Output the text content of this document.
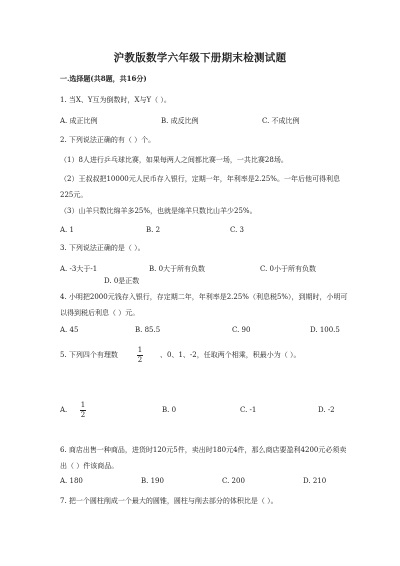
沪教版数学六年级下册期末检测试题
一.选择题(共8题，共16分)
1. 当X、Y互为倒数时，X与Y（ ）。
A. 成正比例	B. 成反比例	C. 不成比例
2. 下列说法正确的有（ ）个。
（1）8人进行乒乓球比赛，如果每两人之间都比赛一场，一共比赛28场。
（2）王叔叔把10000元人民币存入银行，定期一年，年利率是2.25%。一年后他可得利息225元。
（3）山羊只数比绵羊多25%，也就是绵羊只数比山羊少25%。
A. 1	B. 2	C. 3
3. 下列说法正确的是（ ）。
A. -3大于-1	B. 0大于所有负数	C. 0小于所有负数
D. 0是正数
4. 小明把2000元钱存入银行，存定期二年，年利率是2.25%（利息税5%），到期时，小明可以得到税后利息（ ）元。
A. 45	B. 85.5	C. 90	D. 100.5
5. 下列四个有理数
1
2
、0、1、-2，任取两个相乘，积最小为（ ）。
A.
1
2
B. 0	C. -1	D. -2
6. 商店出售一种商品，进货时120元5件，卖出时180元4件，那么商店要盈利4200元必须卖出（ ）件该商品。
A. 180	B. 190	C. 200	D. 210
7. 把一个圆柱削成一个最大的圆锥，圆柱与削去部分的体积比是（ ）。
